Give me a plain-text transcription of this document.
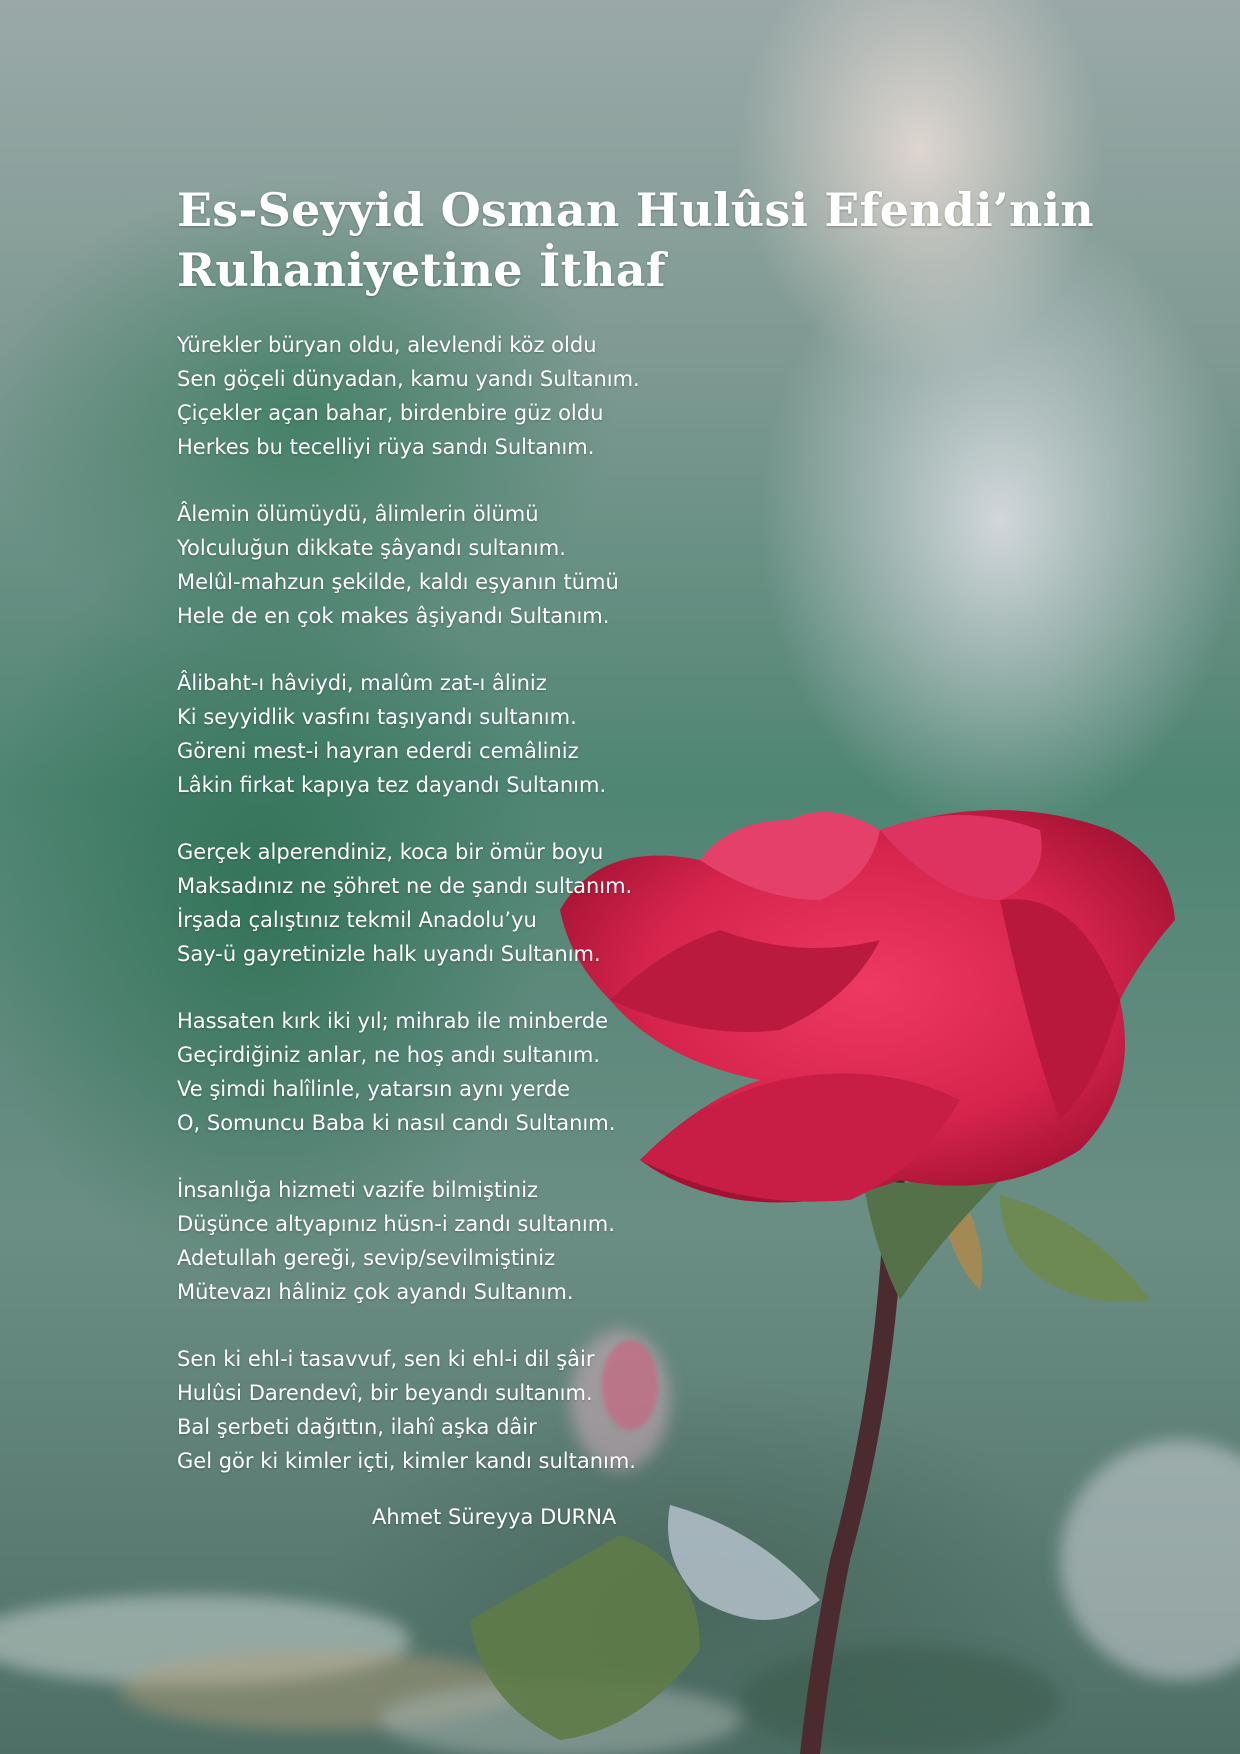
Es-Seyyid Osman Hulûsi Efendi’nin
Ruhaniyetine İthaf

Yürekler büryan oldu, alevlendi köz oldu
Sen göçeli dünyadan, kamu yandı Sultanım.
Çiçekler açan bahar, birdenbire güz oldu
Herkes bu tecelliyi rüya sandı Sultanım.

Âlemin ölümüydü, âlimlerin ölümü
Yolculuğun dikkate şâyandı sultanım.
Melûl-mahzun şekilde, kaldı eşyanın tümü
Hele de en çok makes âşiyandı Sultanım.

Âlibaht-ı hâviydi, malûm zat-ı âliniz
Ki seyyidlik vasfını taşıyandı sultanım.
Göreni mest-i hayran ederdi cemâliniz
Lâkin firkat kapıya tez dayandı Sultanım.

Gerçek alperendiniz, koca bir ömür boyu
Maksadınız ne şöhret ne de şandı sultanım.
İrşada çalıştınız tekmil Anadolu’yu
Say-ü gayretinizle halk uyandı Sultanım.

Hassaten kırk iki yıl; mihrab ile minberde
Geçirdiğiniz anlar, ne hoş andı sultanım.
Ve şimdi halîlinle, yatarsın aynı yerde
O, Somuncu Baba ki nasıl candı Sultanım.

İnsanlığa hizmeti vazife bilmiştiniz
Düşünce altyapınız hüsn-i zandı sultanım.
Adetullah gereği, sevip/sevilmiştiniz
Mütevazı hâliniz çok ayandı Sultanım.

Sen ki ehl-i tasavvuf, sen ki ehl-i dil şâir
Hulûsi Darendevî, bir beyandı sultanım.
Bal şerbeti dağıttın, ilahî aşka dâir
Gel gör ki kimler içti, kimler kandı sultanım.

Ahmet Süreyya DURNA
